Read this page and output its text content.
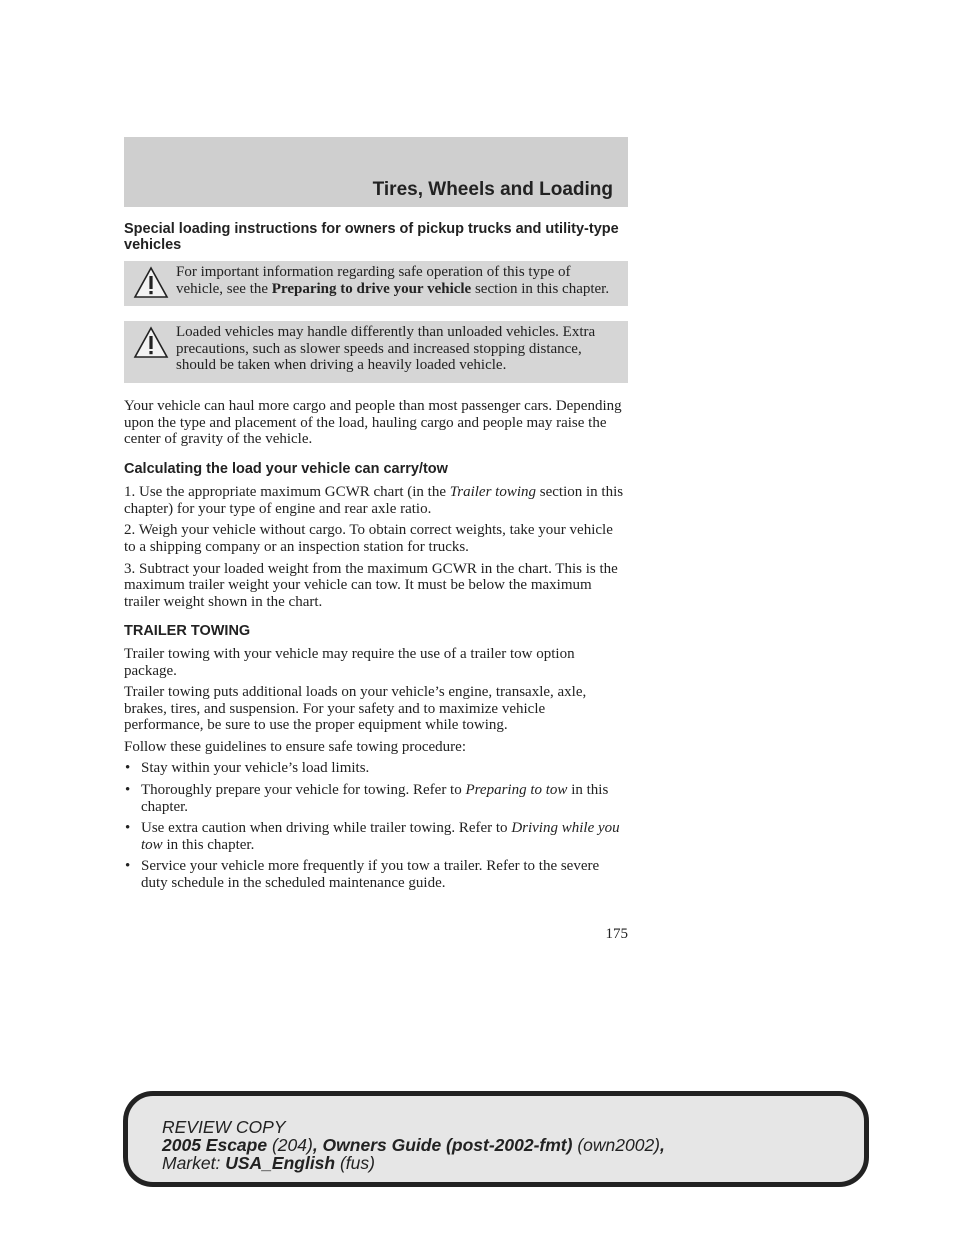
Tires, Wheels and Loading
Special loading instructions for owners of pickup trucks and utility-type vehicles

For important information regarding safe operation of this type of vehicle, see the Preparing to drive your vehicle section in this chapter.

Loaded vehicles may handle differently than unloaded vehicles. Extra precautions, such as slower speeds and increased stopping distance, should be taken when driving a heavily loaded vehicle.

Your vehicle can haul more cargo and people than most passenger cars. Depending upon the type and placement of the load, hauling cargo and people may raise the center of gravity of the vehicle.

Calculating the load your vehicle can carry/tow

1. Use the appropriate maximum GCWR chart (in the Trailer towing section in this chapter) for your type of engine and rear axle ratio.

2. Weigh your vehicle without cargo. To obtain correct weights, take your vehicle to a shipping company or an inspection station for trucks.

3. Subtract your loaded weight from the maximum GCWR in the chart. This is the maximum trailer weight your vehicle can tow. It must be below the maximum trailer weight shown in the chart.

TRAILER TOWING

Trailer towing with your vehicle may require the use of a trailer tow option package.

Trailer towing puts additional loads on your vehicle’s engine, transaxle, axle, brakes, tires, and suspension. For your safety and to maximize vehicle performance, be sure to use the proper equipment while towing.

Follow these guidelines to ensure safe towing procedure:

• Stay within your vehicle’s load limits.
• Thoroughly prepare your vehicle for towing. Refer to Preparing to tow in this chapter.
• Use extra caution when driving while trailer towing. Refer to Driving while you tow in this chapter.
• Service your vehicle more frequently if you tow a trailer. Refer to the severe duty schedule in the scheduled maintenance guide.
175
REVIEW COPY
2005 Escape (204), Owners Guide (post-2002-fmt) (own2002),
Market: USA_English (fus)
